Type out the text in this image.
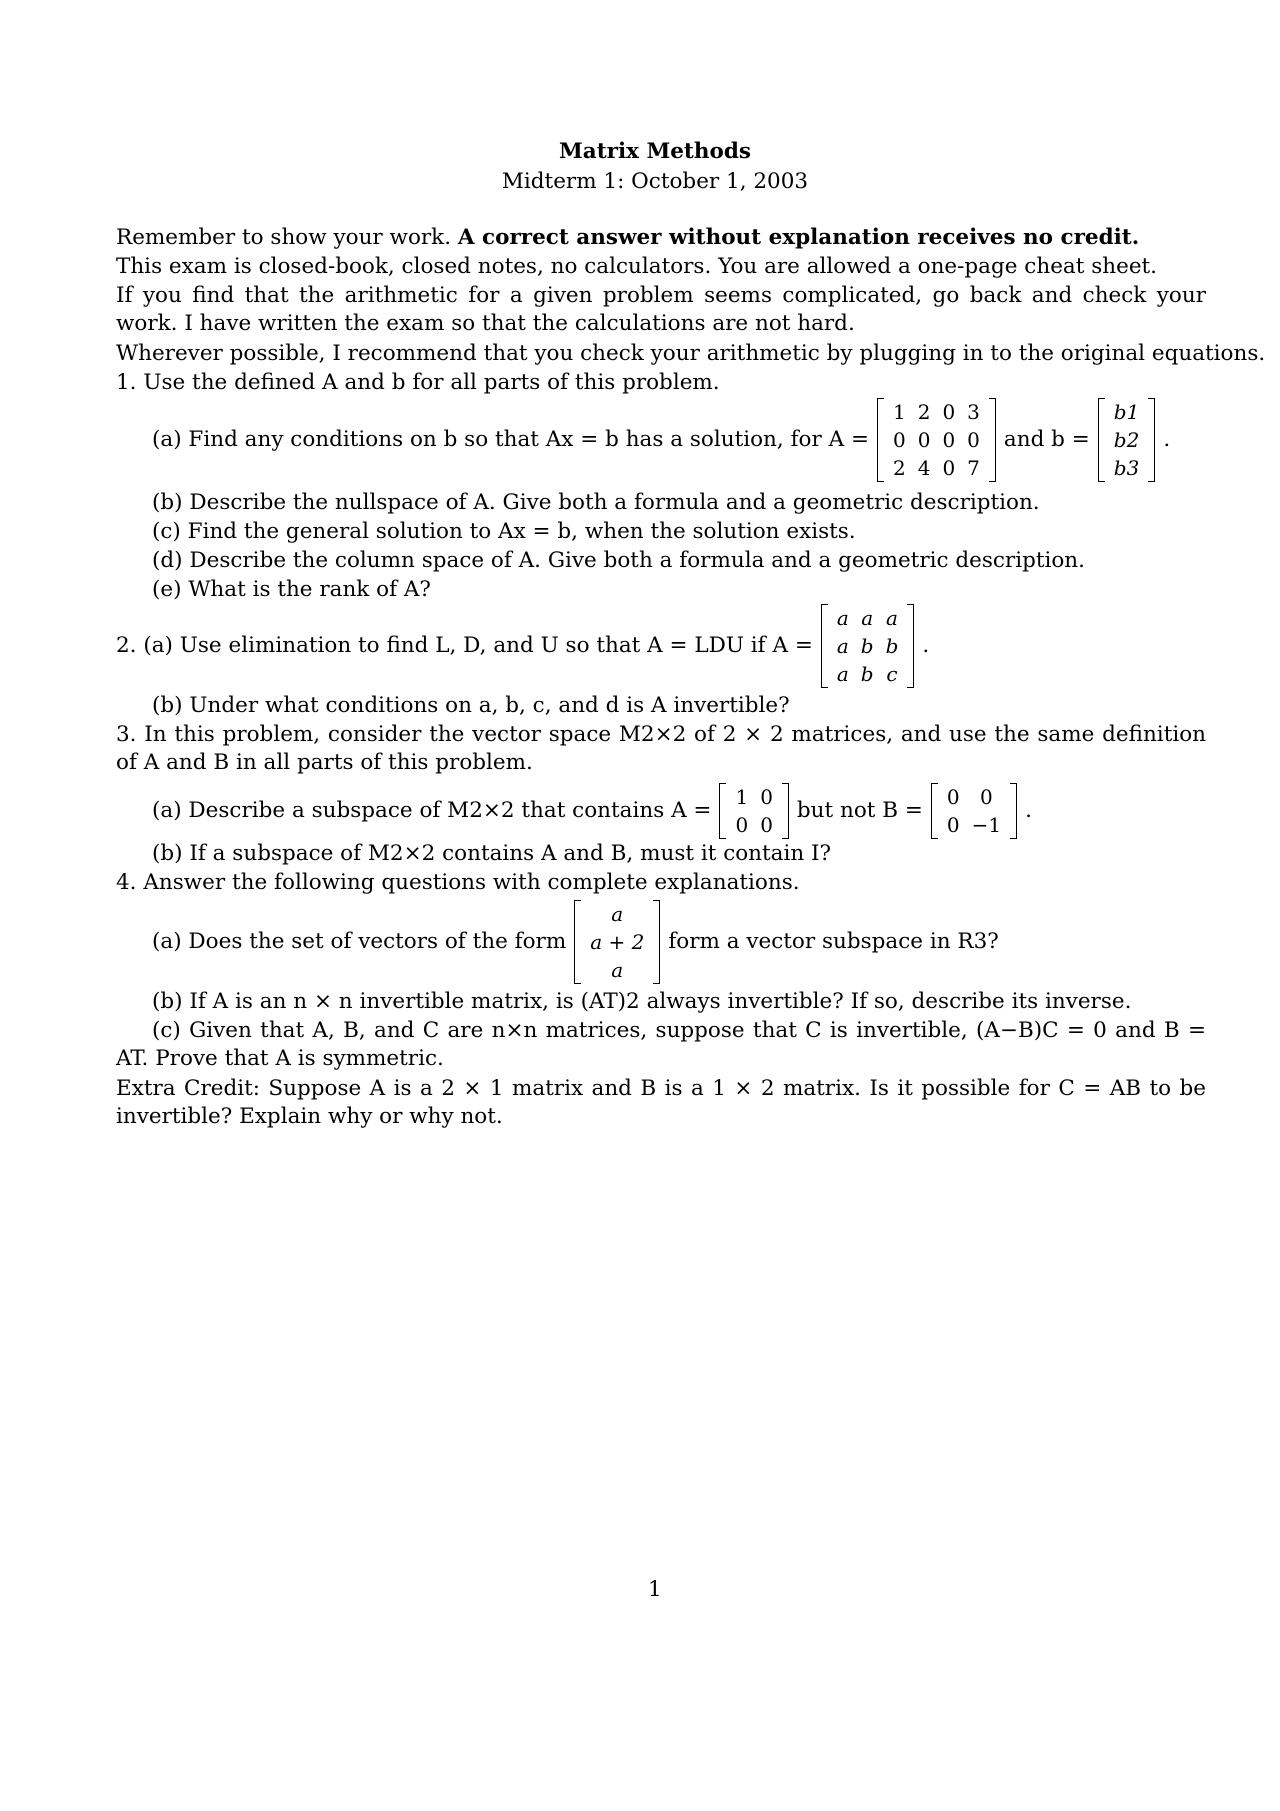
Matrix Methods
Midterm 1: October 1, 2003
Remember to show your work. A correct answer without explanation receives no credit.
This exam is closed-book, closed notes, no calculators. You are allowed a one-page cheat sheet.
If you find that the arithmetic for a given problem seems complicated, go back and check your work. I have written the exam so that the calculations are not hard.
Wherever possible, I recommend that you check your arithmetic by plugging in to the original equations.
1. Use the defined A and b for all parts of this problem.
(a) Find any conditions on b so that Ax = b has a solution, for A =
1	2	0	3
0	0	0	0
2	4	0	7
and b =
b1
b2
b3
.
(b) Describe the nullspace of A. Give both a formula and a geometric description.
(c) Find the general solution to Ax = b, when the solution exists.
(d) Describe the column space of A. Give both a formula and a geometric description.
(e) What is the rank of A?
2. (a) Use elimination to find L, D, and U so that A = LDU if A =
a	a	a
a	b	b
a	b	c
.
(b) Under what conditions on a, b, c, and d is A invertible?
3. In this problem, consider the vector space M2×2 of 2 × 2 matrices, and use the same definition of A and B in all parts of this problem.
(a) Describe a subspace of M2×2 that contains A =
1	0
0	0
but not B =
0	0
0	−1
.
(b) If a subspace of M2×2 contains A and B, must it contain I?
4. Answer the following questions with complete explanations.
(a) Does the set of vectors of the form
a
a + 2
a
form a vector subspace in R3?
(b) If A is an n × n invertible matrix, is (AT)2 always invertible? If so, describe its inverse.
(c) Given that A, B, and C are n×n matrices, suppose that C is invertible, (A−B)C = 0 and B = AT. Prove that A is symmetric.
Extra Credit: Suppose A is a 2 × 1 matrix and B is a 1 × 2 matrix. Is it possible for C = AB to be invertible? Explain why or why not.
1
